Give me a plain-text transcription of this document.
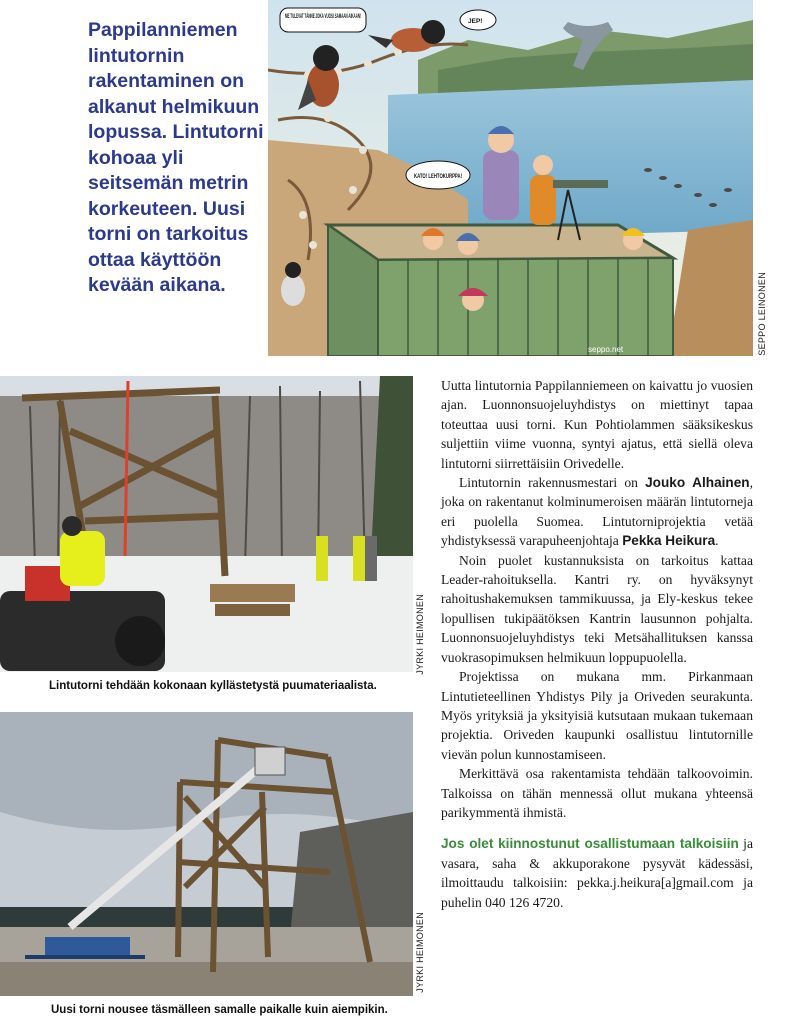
Pappilanniemen lintutornin rakentaminen on alkanut helmikuun lopussa. Lintutorni kohoaa yli seitsemän metrin korkeuteen. Uusi torni on tarkoitus ottaa käyttöön kevään aikana.

JEP!
KATO! LEHTOKURPPA!
seppo.net	SEPPO LEINONEN
JYRKI HEIMONEN

Lintutorni tehdään kokonaan kyllästetystä puumateriaalista.

JYRKI HEIMONEN

Uusi torni nousee täsmälleen samalle paikalle kuin aiempikin.

Uutta lintutornia Pappilanniemeen on kaivattu jo vuosien ajan. Luonnonsuojeluyhdistys on miettinyt tapaa toteuttaa uusi torni. Kun Pohtiolammen sääksikeskus suljettiin viime vuonna, syntyi ajatus, että siellä oleva lintutorni siirrettäisiin Orivedelle.

Lintutornin rakennusmestari on Jouko Alhainen, joka on rakentanut kolminumeroisen määrän lintutorneja eri puolella Suomea. Lintutorniprojektia vetää yhdistyksessä varapuheenjohtaja Pekka Heikura.

Noin puolet kustannuksista on tarkoitus kattaa Leader-rahoituksella. Kantri ry. on hyväksynyt rahoitushakemuksen tammikuussa, ja Ely-keskus tekee lopullisen tukipäätöksen Kantrin lausunnon pohjalta. Luonnonsuojeluyhdistys teki Metsähallituksen kanssa vuokrasopimuksen helmikuun loppupuolella.

Projektissa on mukana mm. Pirkanmaan Lintutieteellinen Yhdistys Pily ja Oriveden seurakunta. Myös yrityksiä ja yksityisiä kutsutaan mukaan tukemaan projektia. Oriveden kaupunki osallistuu lintutornille vievän polun kunnostamiseen.

Merkittävä osa rakentamista tehdään talkoovoimin. Talkoissa on tähän mennessä ollut mukana yhteensä parikymmentä ihmistä.

Jos olet kiinnostunut osallistumaan talkoisiin ja vasara, saha & akkuporakone pysyvät kädessäsi, ilmoittaudu talkoisiin: pekka.j.heikura[a]gmail.com ja puhelin 040 126 4720.
